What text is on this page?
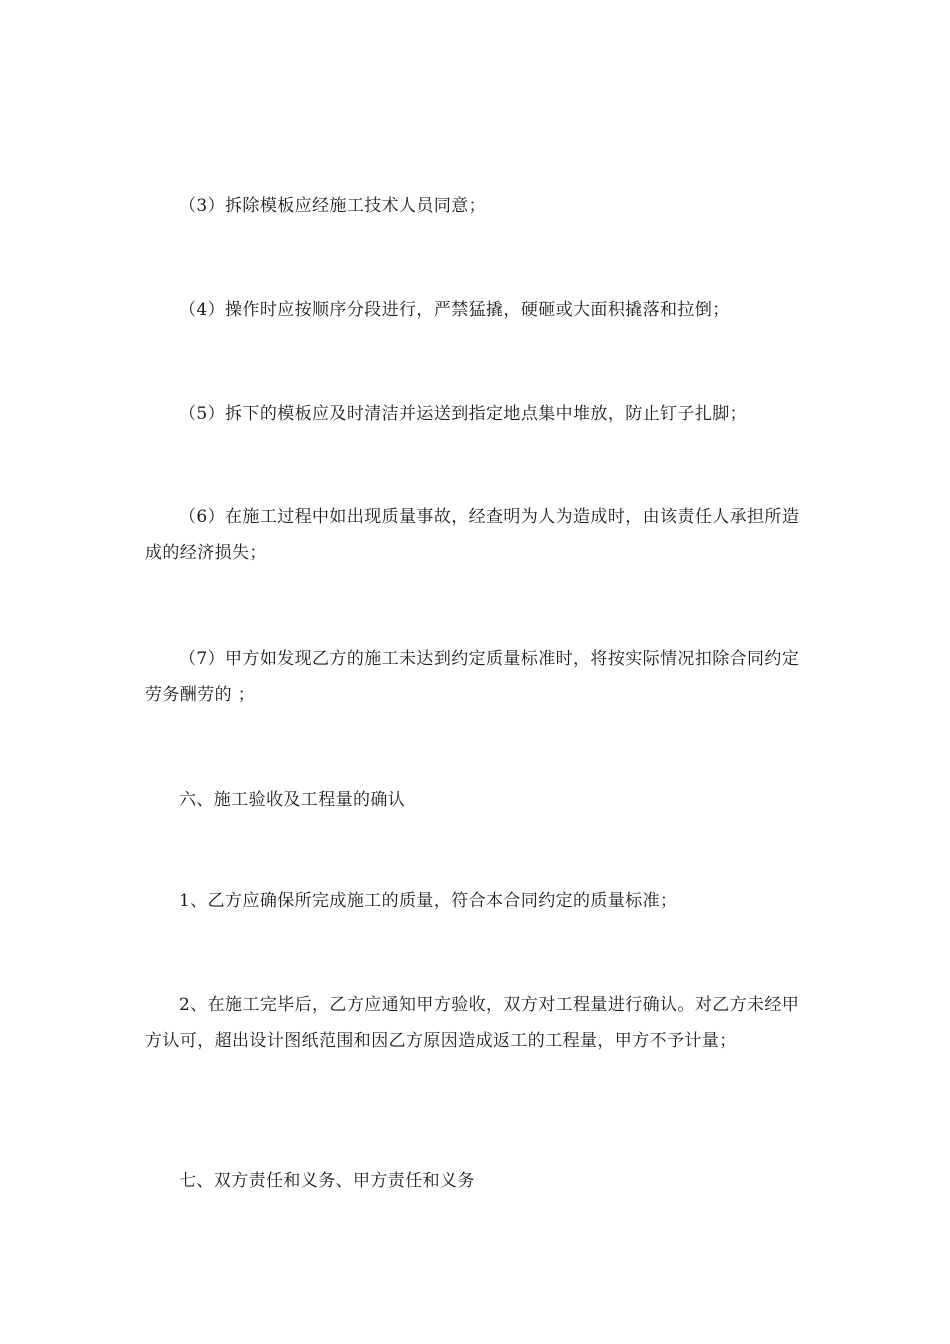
（3）拆除模板应经施工技术人员同意；

（4）操作时应按顺序分段进行，严禁猛撬，硬砸或大面积撬落和拉倒；

（5）拆下的模板应及时清洁并运送到指定地点集中堆放，防止钉子扎脚；

（6）在施工过程中如出现质量事故，经查明为人为造成时，由该责任人承担所造成的经济损失；

（7）甲方如发现乙方的施工未达到约定质量标准时，将按实际情况扣除合同约定劳务酬劳的 ；

六、施工验收及工程量的确认

1、乙方应确保所完成施工的质量，符合本合同约定的质量标准；

2、在施工完毕后，乙方应通知甲方验收，双方对工程量进行确认。对乙方未经甲方认可，超出设计图纸范围和因乙方原因造成返工的工程量，甲方不予计量；

七、双方责任和义务、甲方责任和义务
